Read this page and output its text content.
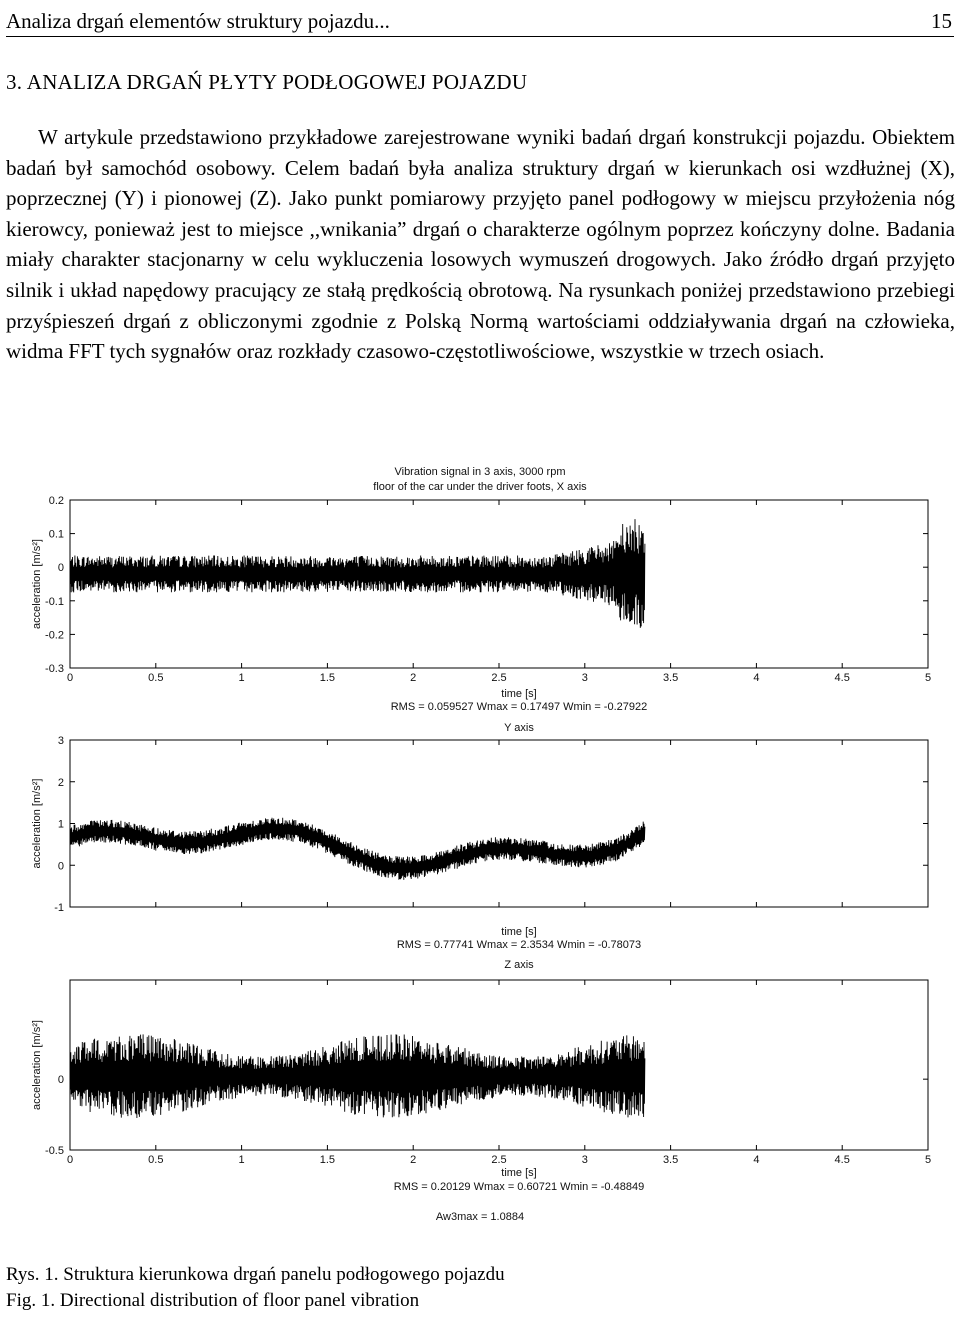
Analiza drgań elementów struktury pojazdu...	15
3. ANALIZA DRGAŃ PŁYTY PODŁOGOWEJ POJAZDU

W artykule przedstawiono przykładowe zarejestrowane wyniki badań drgań konstrukcji pojazdu. Obiektem badań był samochód osobowy. Celem badań była analiza struktury drgań w kierunkach osi wzdłużnej (X), poprzecznej (Y) i pionowej (Z). Jako punkt pomiarowy przyjęto panel podłogowy w miejscu przyłożenia nóg kierowcy, ponieważ jest to miejsce ,,wnikania” drgań o charakterze ogólnym poprzez kończyny dolne. Badania miały charakter stacjonarny w celu wykluczenia losowych wymuszeń drogowych. Jako źródło drgań przyjęto silnik i układ napędowy pracujący ze stałą prędkością obrotową. Na rysunkach poniżej przedstawiono przebiegi przyśpieszeń drgań z obliczonymi zgodnie z Polską Normą wartościami oddziaływania drgań na człowieka, widma FFT tych sygnałów oraz rozkłady czasowo-częstotliwościowe, wszystkie w trzech osiach.

Vibration signal in 3 axis, 3000 rpm
floor of the car under the driver foots, X axis
0.2
0.1
0
-0.1
-0.2
-0.3
0	0.5	1	1.5	2	2.5	3	3.5	4	4.5	5
time [s]
acceleration [m/s²]
RMS = 0.059527 Wmax = 0.17497 Wmin = -0.27922
Y axis
3
2
1
0
-1
time [s]
acceleration [m/s²]
RMS = 0.77741 Wmax = 2.3534 Wmin = -0.78073
Z axis
0
-0.5
0	0.5	1	1.5	2	2.5	3	3.5	4	4.5	5
time [s]
acceleration [m/s²]
RMS = 0.20129 Wmax = 0.60721 Wmin = -0.48849
Aw3max = 1.0884
Rys. 1. Struktura kierunkowa drgań panelu podłogowego pojazdu
Fig. 1. Directional distribution of floor panel vibration
